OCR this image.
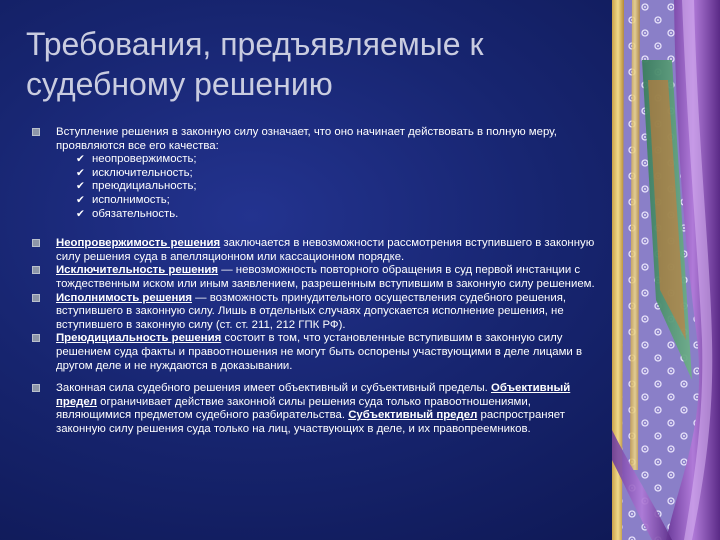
Требования, предъявляемые к судебному решению
Вступление решения в законную силу означает, что оно начинает действовать в полную меру, проявляются все его качества:
✔ неопровержимость;
✔ исключительность;
✔ преюдициальность;
✔ исполнимость;
✔ обязательность.
Неопровержимость решения заключается в невозможности рассмотрения вступившего в законную силу решения суда в апелляционном или кассационном порядке.
Исключительность решения — невозможность повторного обращения в суд первой инстанции с тождественным иском или иным заявлением, разрешенным вступившим в законную силу решением.
Исполнимость решения — возможность принудительного осуществления судебного решения, вступившего в законную силу. Лишь в отдельных случаях допускается исполнение решения, не вступившего в законную силу (ст. ст. 211, 212 ГПК РФ).
Преюдициальность решения состоит в том, что установленные вступившим в законную силу решением суда факты и правоотношения не могут быть оспорены участвующими в деле лицами в другом деле и не нуждаются в доказывании.
Законная сила судебного решения имеет объективный и субъективный пределы. Объективный предел ограничивает действие законной силы решения суда только правоотношениями, являющимися предметом судебного разбирательства. Субъективный предел распространяет законную силу решения суда только на лиц, участвующих в деле, и их правопреемников.
